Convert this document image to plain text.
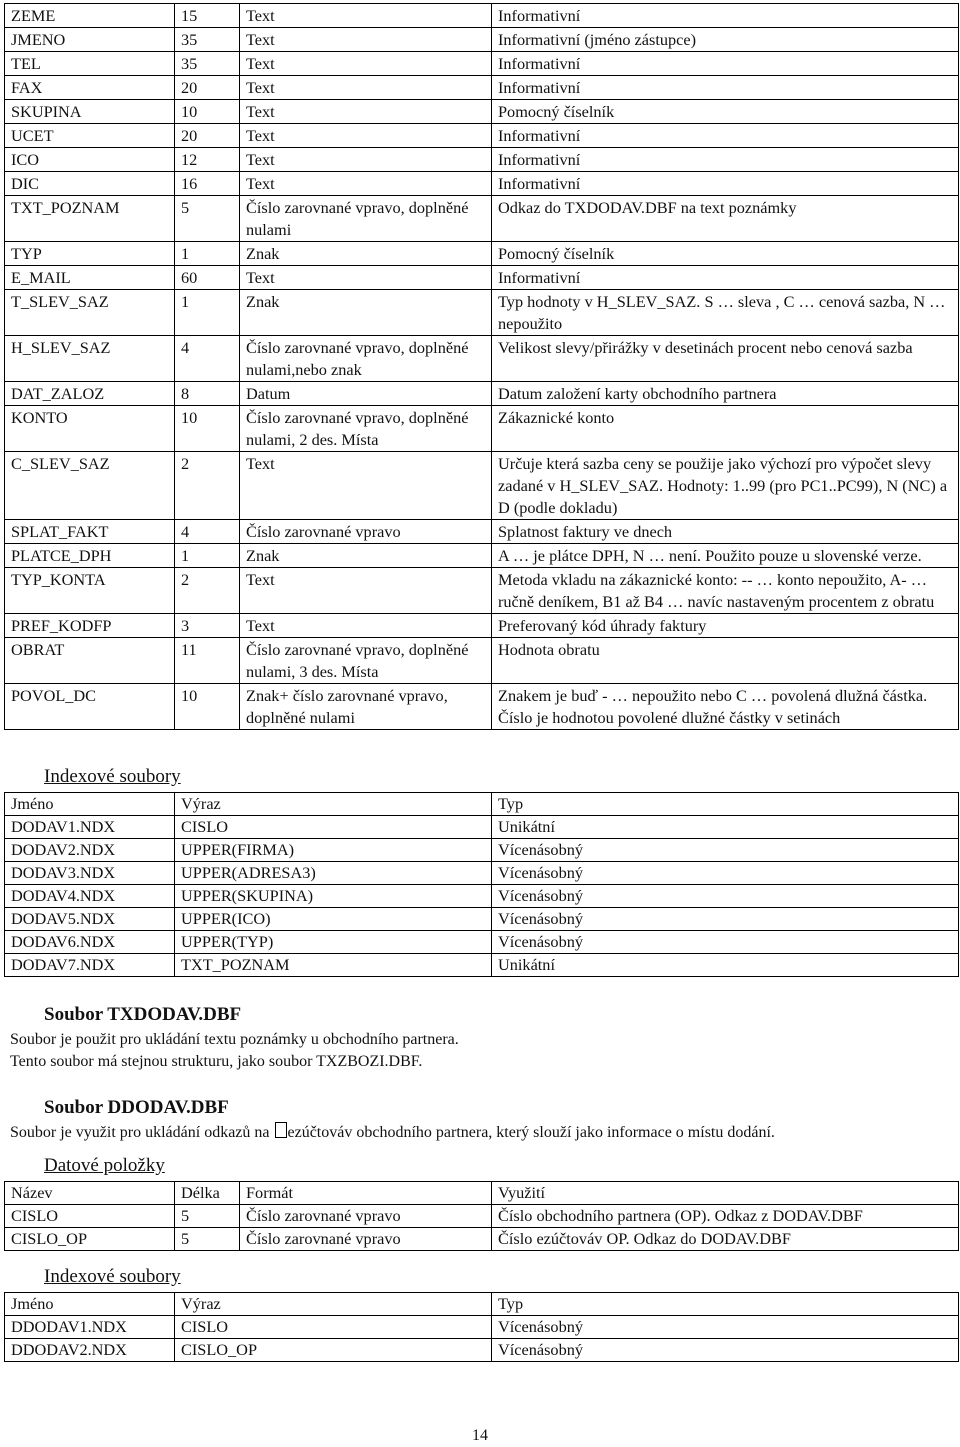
ZEME	15	Text	Informativní
JMENO	35	Text	Informativní (jméno zástupce)
TEL	35	Text	Informativní
FAX	20	Text	Informativní
SKUPINA	10	Text	Pomocný číselník
UCET	20	Text	Informativní
ICO	12	Text	Informativní
DIC	16	Text	Informativní
TXT_POZNAM	5	Číslo zarovnané vpravo, doplněné nulami	Odkaz do TXDODAV.DBF na text poznámky
TYP	1	Znak	Pomocný číselník
E_MAIL	60	Text	Informativní
T_SLEV_SAZ	1	Znak	Typ hodnoty v H_SLEV_SAZ. S … sleva , C … cenová sazba, N … nepoužito
H_SLEV_SAZ	4	Číslo zarovnané vpravo, doplněné nulami,nebo znak	Velikost slevy/přirážky v desetinách procent nebo cenová sazba
DAT_ZALOZ	8	Datum	Datum založení karty obchodního partnera
KONTO	10	Číslo zarovnané vpravo, doplněné nulami, 2 des. Místa	Zákaznické konto
C_SLEV_SAZ	2	Text	Určuje která sazba ceny se použije jako výchozí pro výpočet slevy zadané v H_SLEV_SAZ. Hodnoty: 1..99 (pro PC1..PC99), N (NC) a D (podle dokladu)
SPLAT_FAKT	4	Číslo zarovnané vpravo	Splatnost faktury ve dnech
PLATCE_DPH	1	Znak	A … je plátce DPH, N … není. Použito pouze u slovenské verze.
TYP_KONTA	2	Text	Metoda vkladu na zákaznické konto: -- … konto nepoužito, A- … ručně deníkem, B1 až B4 … navíc nastaveným procentem z obratu
PREF_KODFP	3	Text	Preferovaný kód úhrady faktury
OBRAT	11	Číslo zarovnané vpravo, doplněné nulami, 3 des. Místa	Hodnota obratu
POVOL_DC	10	Znak+ číslo zarovnané vpravo, doplněné nulami	Znakem je buď - … nepoužito nebo C … povolená dlužná částka. Číslo je hodnotou povolené dlužné částky v setinách
Indexové soubory
Jméno	Výraz	Typ
DODAV1.NDX	CISLO	Unikátní
DODAV2.NDX	UPPER(FIRMA)	Vícenásobný
DODAV3.NDX	UPPER(ADRESA3)	Vícenásobný
DODAV4.NDX	UPPER(SKUPINA)	Vícenásobný
DODAV5.NDX	UPPER(ICO)	Vícenásobný
DODAV6.NDX	UPPER(TYP)	Vícenásobný
DODAV7.NDX	TXT_POZNAM	Unikátní
Soubor TXDODAV.DBF
Soubor je použit pro ukládání textu poznámky u obchodního partnera.
Tento soubor má stejnou strukturu, jako soubor TXZBOZI.DBF.
Soubor DDODAV.DBF
Soubor je využit pro ukládání odkazů na ezúčtováv obchodního partnera, který slouží jako informace o místu dodání.
Datové položky
Název	Délka	Formát	Využití
CISLO	5	Číslo zarovnané vpravo	Číslo obchodního partnera (OP). Odkaz z DODAV.DBF
CISLO_OP	5	Číslo zarovnané vpravo	Číslo ezúčtováv OP. Odkaz do DODAV.DBF
Indexové soubory
Jméno	Výraz	Typ
DDODAV1.NDX	CISLO	Vícenásobný
DDODAV2.NDX	CISLO_OP	Vícenásobný
14
